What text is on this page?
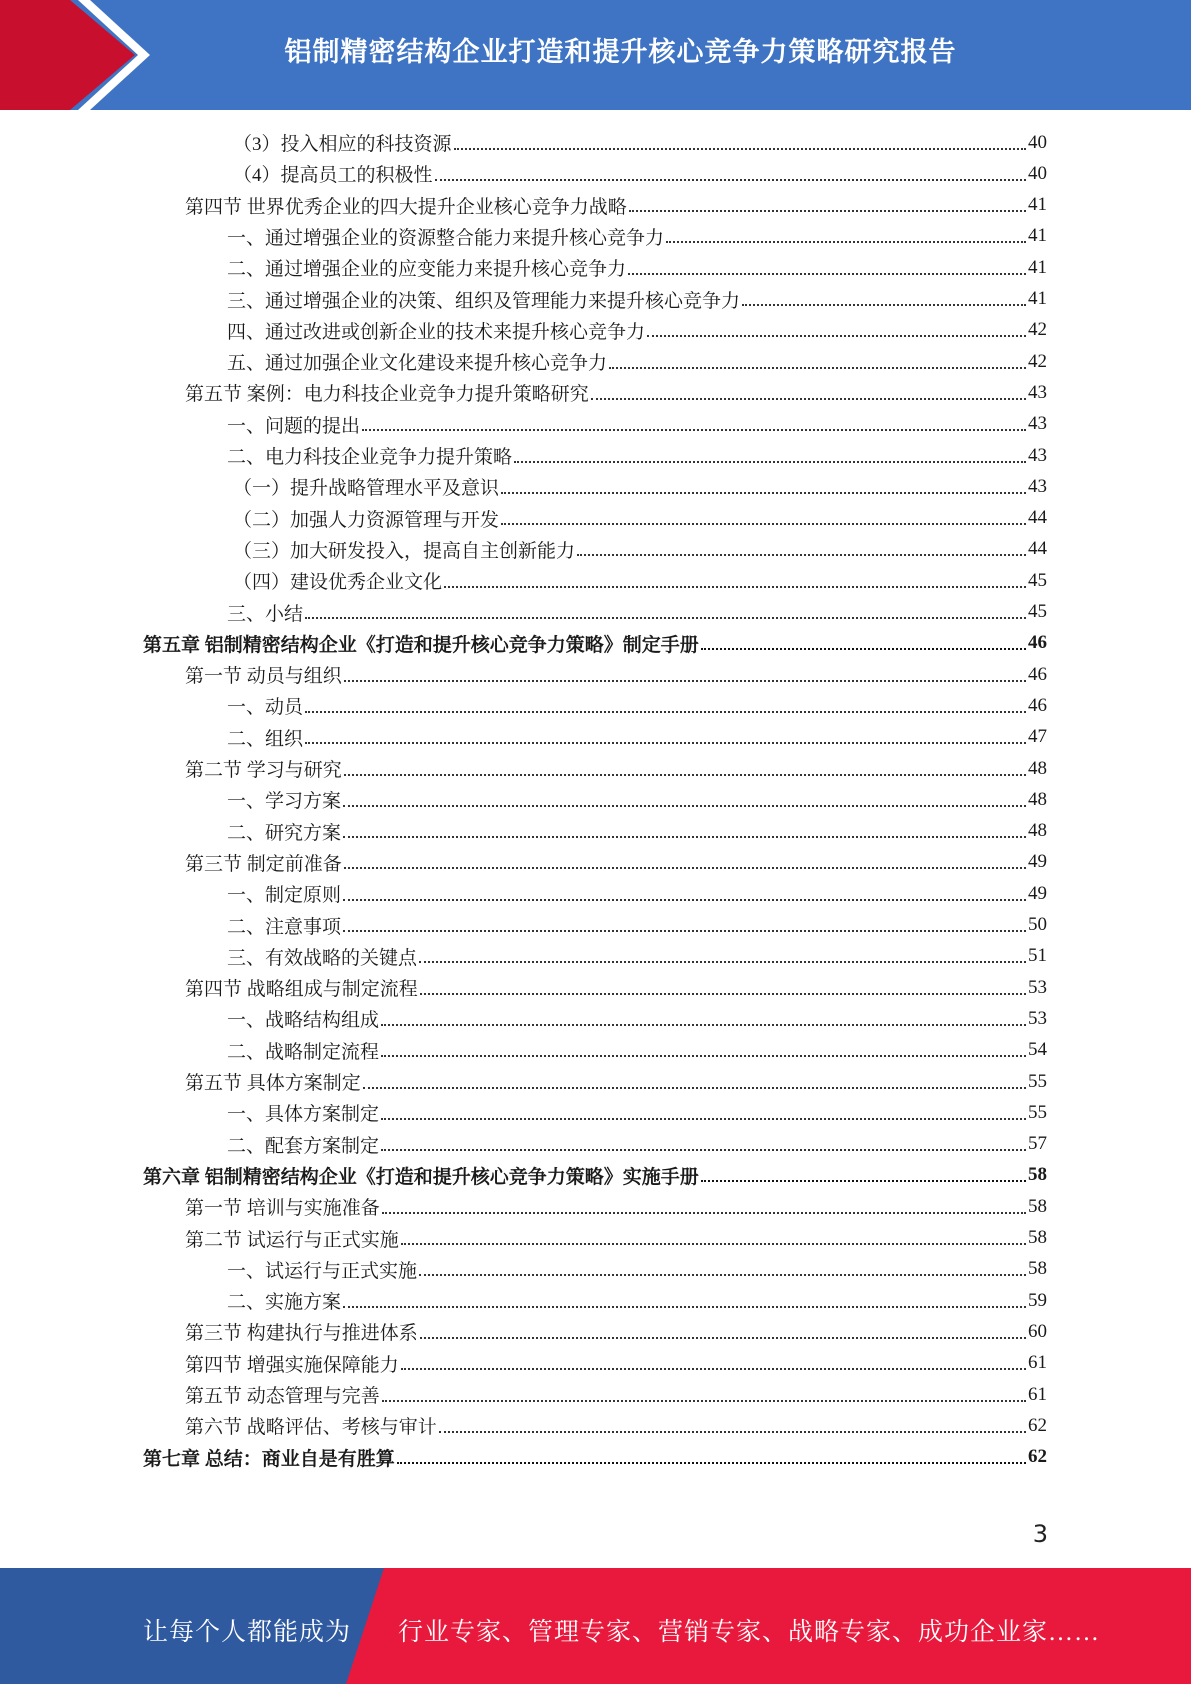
铝制精密结构企业打造和提升核心竞争力策略研究报告
（3）投入相应的科技资源	40
（4）提高员工的积极性	40
第四节 世界优秀企业的四大提升企业核心竞争力战略	41
一、通过增强企业的资源整合能力来提升核心竞争力	41
二、通过增强企业的应变能力来提升核心竞争力	41
三、通过增强企业的决策、组织及管理能力来提升核心竞争力	41
四、通过改进或创新企业的技术来提升核心竞争力	42
五、通过加强企业文化建设来提升核心竞争力	42
第五节 案例：电力科技企业竞争力提升策略研究	43
一、问题的提出	43
二、电力科技企业竞争力提升策略	43
（一）提升战略管理水平及意识	43
（二）加强人力资源管理与开发	44
（三）加大研发投入，提高自主创新能力	44
（四）建设优秀企业文化	45
三、小结	45
第五章 铝制精密结构企业《打造和提升核心竞争力策略》制定手册	46
第一节 动员与组织	46
一、动员	46
二、组织	47
第二节 学习与研究	48
一、学习方案	48
二、研究方案	48
第三节 制定前准备	49
一、制定原则	49
二、注意事项	50
三、有效战略的关键点	51
第四节 战略组成与制定流程	53
一、战略结构组成	53
二、战略制定流程	54
第五节 具体方案制定	55
一、具体方案制定	55
二、配套方案制定	57
第六章 铝制精密结构企业《打造和提升核心竞争力策略》实施手册	58
第一节 培训与实施准备	58
第二节 试运行与正式实施	58
一、试运行与正式实施	58
二、实施方案	59
第三节 构建执行与推进体系	60
第四节 增强实施保障能力	61
第五节 动态管理与完善	61
第六节 战略评估、考核与审计	62
第七章 总结：商业自是有胜算	62
3
让每个人都能成为 行业专家、管理专家、营销专家、战略专家、成功企业家……
